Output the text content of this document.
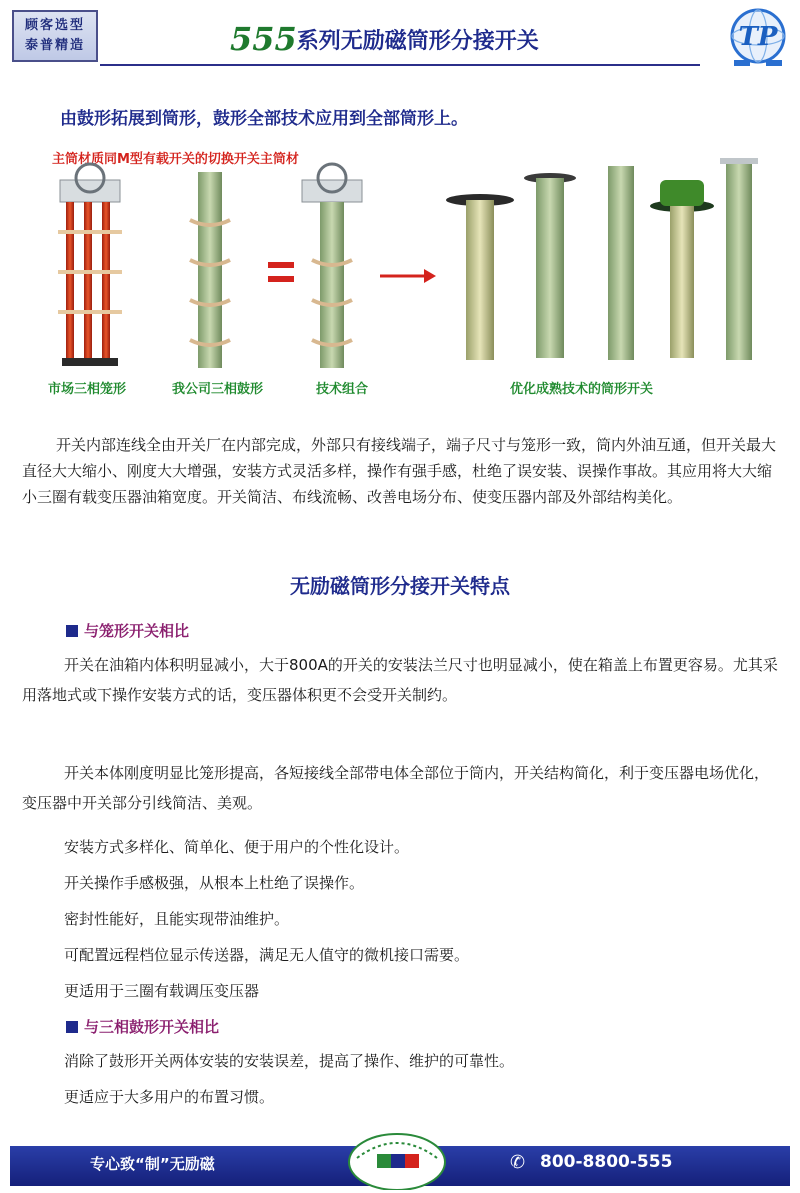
顾客选型
泰普精造	555系列无励磁筒形分接开关	TP
由鼓形拓展到筒形，鼓形全部技术应用到全部筒形上。
主筒材质同M型有载开关的切换开关主筒材
市场三相笼形	我公司三相鼓形	技术组合	优化成熟技术的筒形开关

开关内部连线全由开关厂在内部完成，外部只有接线端子，端子尺寸与笼形一致，筒内外油互通，但开关最大直径大大缩小、刚度大大增强，安装方式灵活多样，操作有强手感，杜绝了误安装、误操作事故。其应用将大大缩小三圈有载变压器油箱宽度。开关简洁、布线流畅、改善电场分布、使变压器内部及外部结构美化。

无励磁筒形分接开关特点
与笼形开关相比

开关在油箱内体积明显减小，大于800A的开关的安装法兰尺寸也明显减小，使在箱盖上布置更容易。尤其采用落地式或下操作安装方式的话，变压器体积更不会受开关制约。

开关本体刚度明显比笼形提高，各短接线全部带电体全部位于筒内，开关结构简化，利于变压器电场优化，变压器中开关部分引线简洁、美观。

安装方式多样化、简单化、便于用户的个性化设计。
开关操作手感极强，从根本上杜绝了误操作。
密封性能好，且能实现带油维护。
可配置远程档位显示传送器，满足无人值守的微机接口需要。
更适用于三圈有载调压变压器
与三相鼓形开关相比
消除了鼓形开关两体安装的安装误差，提高了操作、维护的可靠性。
更适应于大多用户的布置习惯。
专心致“制”无励磁	✆ 800-8800-555
